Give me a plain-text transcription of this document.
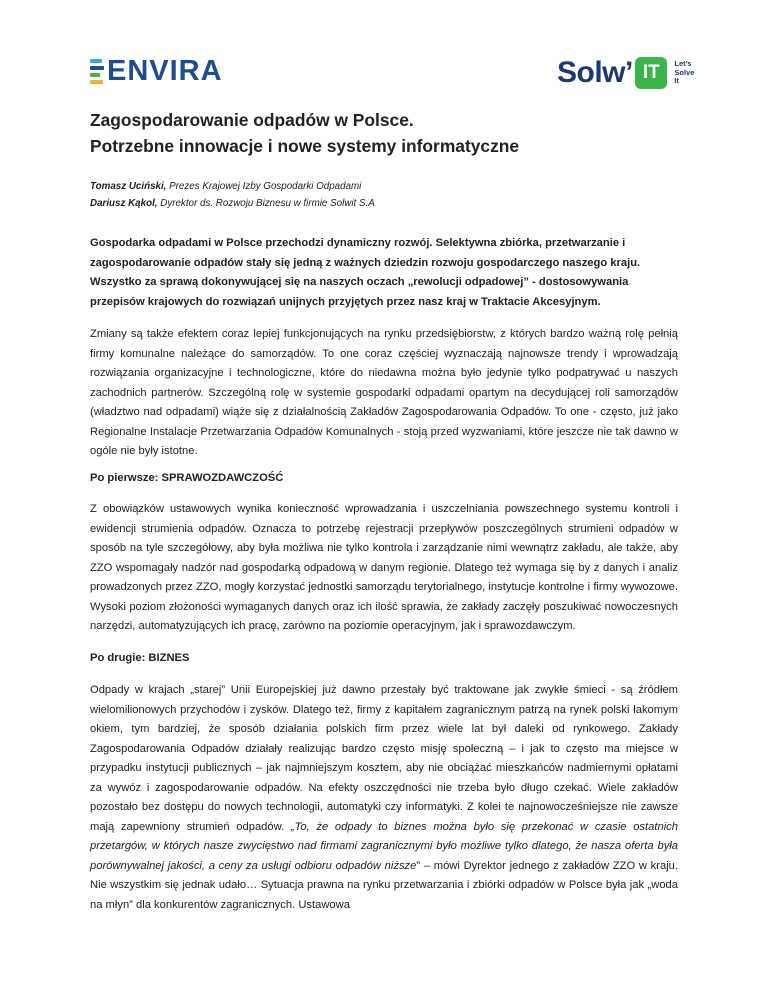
ENVIRA	Solw ’ IT	Let’s
Solve
It
Zagospodarowanie odpadów w Polsce.
Potrzebne innowacje i nowe systemy informatyczne
Tomasz Uciński, Prezes Krajowej Izby Gospodarki Odpadami
Dariusz Kąkol, Dyrektor ds. Rozwoju Biznesu w firmie Solwit S.A
Gospodarka odpadami w Polsce przechodzi dynamiczny rozwój. Selektywna zbiórka, przetwarzanie i zagospodarowanie odpadów stały się jedną z ważnych dziedzin rozwoju gospodarczego naszego kraju. Wszystko za sprawą dokonywującej się na naszych oczach „rewolucji odpadowej” - dostosowywania przepisów krajowych do rozwiązań unijnych przyjętych przez nasz kraj w Traktacie Akcesyjnym.
Zmiany są także efektem coraz lepiej funkcjonujących na rynku przedsiębiorstw, z których bardzo ważną rolę pełnią firmy komunalne należące do samorządów. To one coraz częściej wyznaczają najnowsze trendy i wprowadzają rozwiązania organizacyjne i technologiczne, które do niedawna można było jedynie tylko podpatrywać u naszych zachodnich partnerów. Szczególną rolę w systemie gospodarki odpadami opartym na decydującej roli samorządów (władztwo nad odpadami) wiąże się z działalnością Zakładów Zagospodarowania Odpadów. To one - często, już jako Regionalne Instalacje Przetwarzania Odpadów Komunalnych - stoją przed wyzwaniami, które jeszcze nie tak dawno w ogóle nie były istotne.
Po pierwsze: SPRAWOZDAWCZOŚĆ
Z obowiązków ustawowych wynika konieczność wprowadzania i uszczelniania powszechnego systemu kontroli i ewidencji strumienia odpadów. Oznacza to potrzebę rejestracji przepływów poszczególnych strumieni odpadów w sposób na tyle szczegółowy, aby była możliwa nie tylko kontrola i zarządzanie nimi wewnątrz zakładu, ale także, aby ZZO wspomagały nadzór nad gospodarką odpadową w danym regionie. Dlatego też wymaga się by z danych i analiz prowadzonych przez ZZO, mogły korzystać jednostki samorządu terytorialnego, instytucje kontrolne i firmy wywozowe. Wysoki poziom złożoności wymaganych danych oraz ich ilość sprawia, że zakłady zaczęły poszukiwać nowoczesnych narzędzi, automatyzujących ich pracę, zarówno na poziomie operacyjnym, jak i sprawozdawczym.
Po drugie: BIZNES
Odpady w krajach „starej” Unii Europejskiej już dawno przestały być traktowane jak zwykłe śmieci - są źródłem wielomilionowych przychodów i zysków. Dlatego też, firmy z kapitałem zagranicznym patrzą na rynek polski łakomym okiem, tym bardziej, że sposób działania polskich firm przez wiele lat był daleki od rynkowego. Zakłady Zagospodarowania Odpadów działały realizując bardzo często misję społeczną – i jak to często ma miejsce w przypadku instytucji publicznych – jak najmniejszym kosztem, aby nie obciążać mieszkańców nadmiernymi opłatami za wywóz i zagospodarowanie odpadów. Na efekty oszczędności nie trzeba było długo czekać. Wiele zakładów pozostało bez dostępu do nowych technologii, automatyki czy informatyki. Z kolei te najnowocześniejsze nie zawsze mają zapewniony strumień odpadów. „To, że odpady to biznes można było się przekonać w czasie ostatnich przetargów, w których nasze zwycięstwo nad firmami zagranicznymi było możliwe tylko dlatego, że nasza oferta była porównywalnej jakości, a ceny za usługi odbioru odpadów niższe” – mówi Dyrektor jednego z zakładów ZZO w kraju. Nie wszystkim się jednak udało… Sytuacja prawna na rynku przetwarzania i zbiórki odpadów w Polsce była jak „woda na młyn” dla konkurentów zagranicznych. Ustawowa
